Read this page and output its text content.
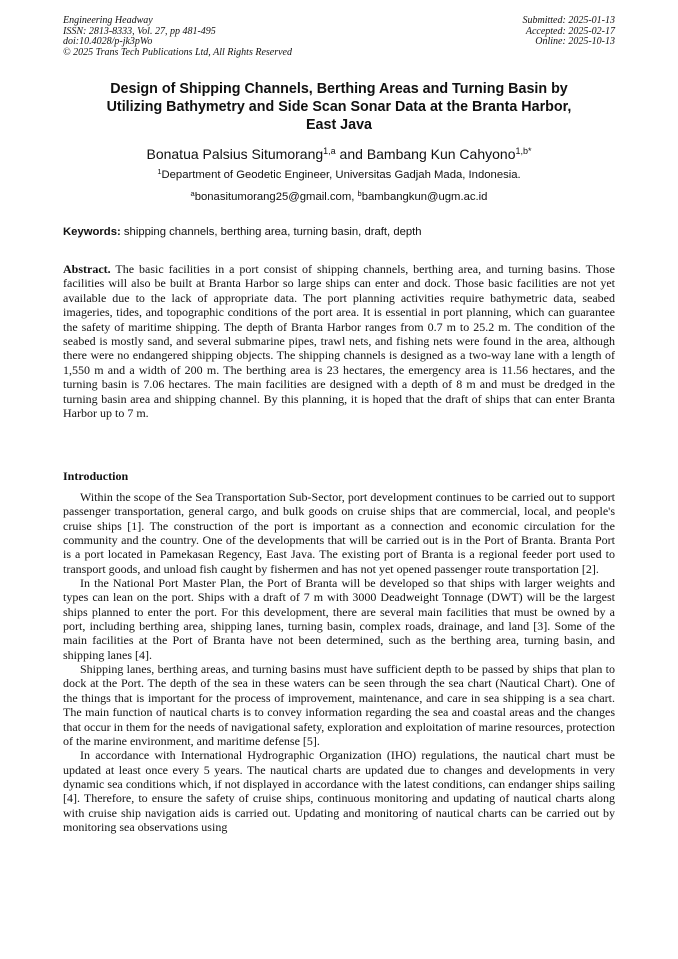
Engineering Headway
ISSN: 2813-8333, Vol. 27, pp 481-495
doi:10.4028/p-jk3pWo
© 2025 Trans Tech Publications Ltd, All Rights Reserved
Submitted: 2025-01-13
Accepted: 2025-02-17
Online: 2025-10-13
Design of Shipping Channels, Berthing Areas and Turning Basin by
Utilizing Bathymetry and Side Scan Sonar Data at the Branta Harbor,
East Java
Bonatua Palsius Situmorang$^{1,a}$ and Bambang Kun Cahyono$^{1,b*}$
$^1$Department of Geodetic Engineer, Universitas Gadjah Mada, Indonesia.
$^a$bonasitumorang25@gmail.com, $^b$bambangkun@ugm.ac.id
Keywords: shipping channels, berthing area, turning basin, draft, depth

Abstract. The basic facilities in a port consist of shipping channels, berthing area, and turning basins. Those facilities will also be built at Branta Harbor so large ships can enter and dock. Those basic facilities are not yet available due to the lack of appropriate data. The port planning activities require bathymetric data, seabed imageries, tides, and topographic conditions of the port area. It is essential in port planning, which can guarantee the safety of maritime shipping. The depth of Branta Harbor ranges from 0.7 m to 25.2 m. The condition of the seabed is mostly sand, and several submarine pipes, trawl nets, and fishing nets were found in the area, although there were no endangered shipping objects. The shipping channels is designed as a two-way lane with a length of 1,550 m and a width of 200 m. The berthing area is 23 hectares, the emergency area is 11.56 hectares, and the turning basin is 7.06 hectares. The main facilities are designed with a depth of 8 m and must be dredged in the turning basin area and shipping channel. By this planning, it is hoped that the draft of ships that can enter Branta Harbor up to 7 m.

Introduction

Within the scope of the Sea Transportation Sub-Sector, port development continues to be carried out to support passenger transportation, general cargo, and bulk goods on cruise ships that are commercial, local, and people's cruise ships [1]. The construction of the port is important as a connection and economic circulation for the community and the country. One of the developments that will be carried out is in the Port of Branta. Branta Port is a port located in Pamekasan Regency, East Java. The existing port of Branta is a regional feeder port used to transport goods, and unload fish caught by fishermen and has not yet opened passenger route transportation [2].

In the National Port Master Plan, the Port of Branta will be developed so that ships with larger weights and types can lean on the port. Ships with a draft of 7 m with 3000 Deadweight Tonnage (DWT) will be the largest ships planned to enter the port. For this development, there are several main facilities that must be owned by a port, including berthing area, shipping lanes, turning basin, complex roads, drainage, and land [3]. Some of the main facilities at the Port of Branta have not been determined, such as the berthing area, turning basin, and shipping lanes [4].

Shipping lanes, berthing areas, and turning basins must have sufficient depth to be passed by ships that plan to dock at the Port. The depth of the sea in these waters can be seen through the sea chart (Nautical Chart). One of the things that is important for the process of improvement, maintenance, and care in sea shipping is a sea chart. The main function of nautical charts is to convey information regarding the sea and coastal areas and the changes that occur in them for the needs of navigational safety, exploration and exploitation of marine resources, protection of the marine environment, and maritime defense [5].

In accordance with International Hydrographic Organization (IHO) regulations, the nautical chart must be updated at least once every 5 years. The nautical charts are updated due to changes and developments in very dynamic sea conditions which, if not displayed in accordance with the latest conditions, can endanger ships sailing [4]. Therefore, to ensure the safety of cruise ships, continuous monitoring and updating of nautical charts along with cruise ship navigation aids is carried out. Updating and monitoring of nautical charts can be carried out by monitoring sea observations using
